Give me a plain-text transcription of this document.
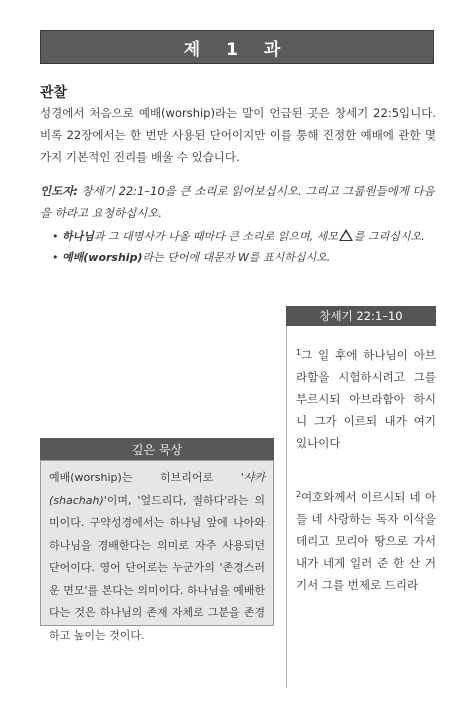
제 1 과
관찰
성경에서 처음으로 예배(worship)라는 말이 언급된 곳은 창세기 22:5입니다. 비록 22장에서는 한 번만 사용된 단어이지만 이를 통해 진정한 예배에 관한 몇 가지 기본적인 진리를 배울 수 있습니다.
인도자: 창세기 22:1–10을 큰 소리로 읽어보십시오. 그리고 그룹원들에게 다음을 하라고 요청하십시오.
• 하나님과 그 대명사가 나올 때마다 큰 소리로 읽으며, 세모 를 그리십시오.
• 예배(worship)라는 단어에 대문자 W를 표시하십시오.
창세기 22:1–10
$^1$그 일 후에 하나님이 아브라함을 시험하시려고 그를 부르시되 아브라함아 하시니 그가 이르되 내가 여기 있나이다
$^2$여호와께서 이르시되 네 아들 네 사랑하는 독자 이삭을 데리고 모리아 땅으로 가서 내가 네게 일러 준 한 산 거기서 그를 번제로 드리라
깊은 묵상
예배(worship)는 히브리어로 '샤카(shachah)'이며, '엎드리다, 절하다'라는 의미이다. 구약성경에서는 하나님 앞에 나아와 하나님을 경배한다는 의미로 자주 사용되던 단어이다. 영어 단어로는 누군가의 '존경스러운 면모'를 본다는 의미이다. 하나님을 예배한다는 것은 하나님의 존재 자체로 그분을 존경하고 높이는 것이다.
